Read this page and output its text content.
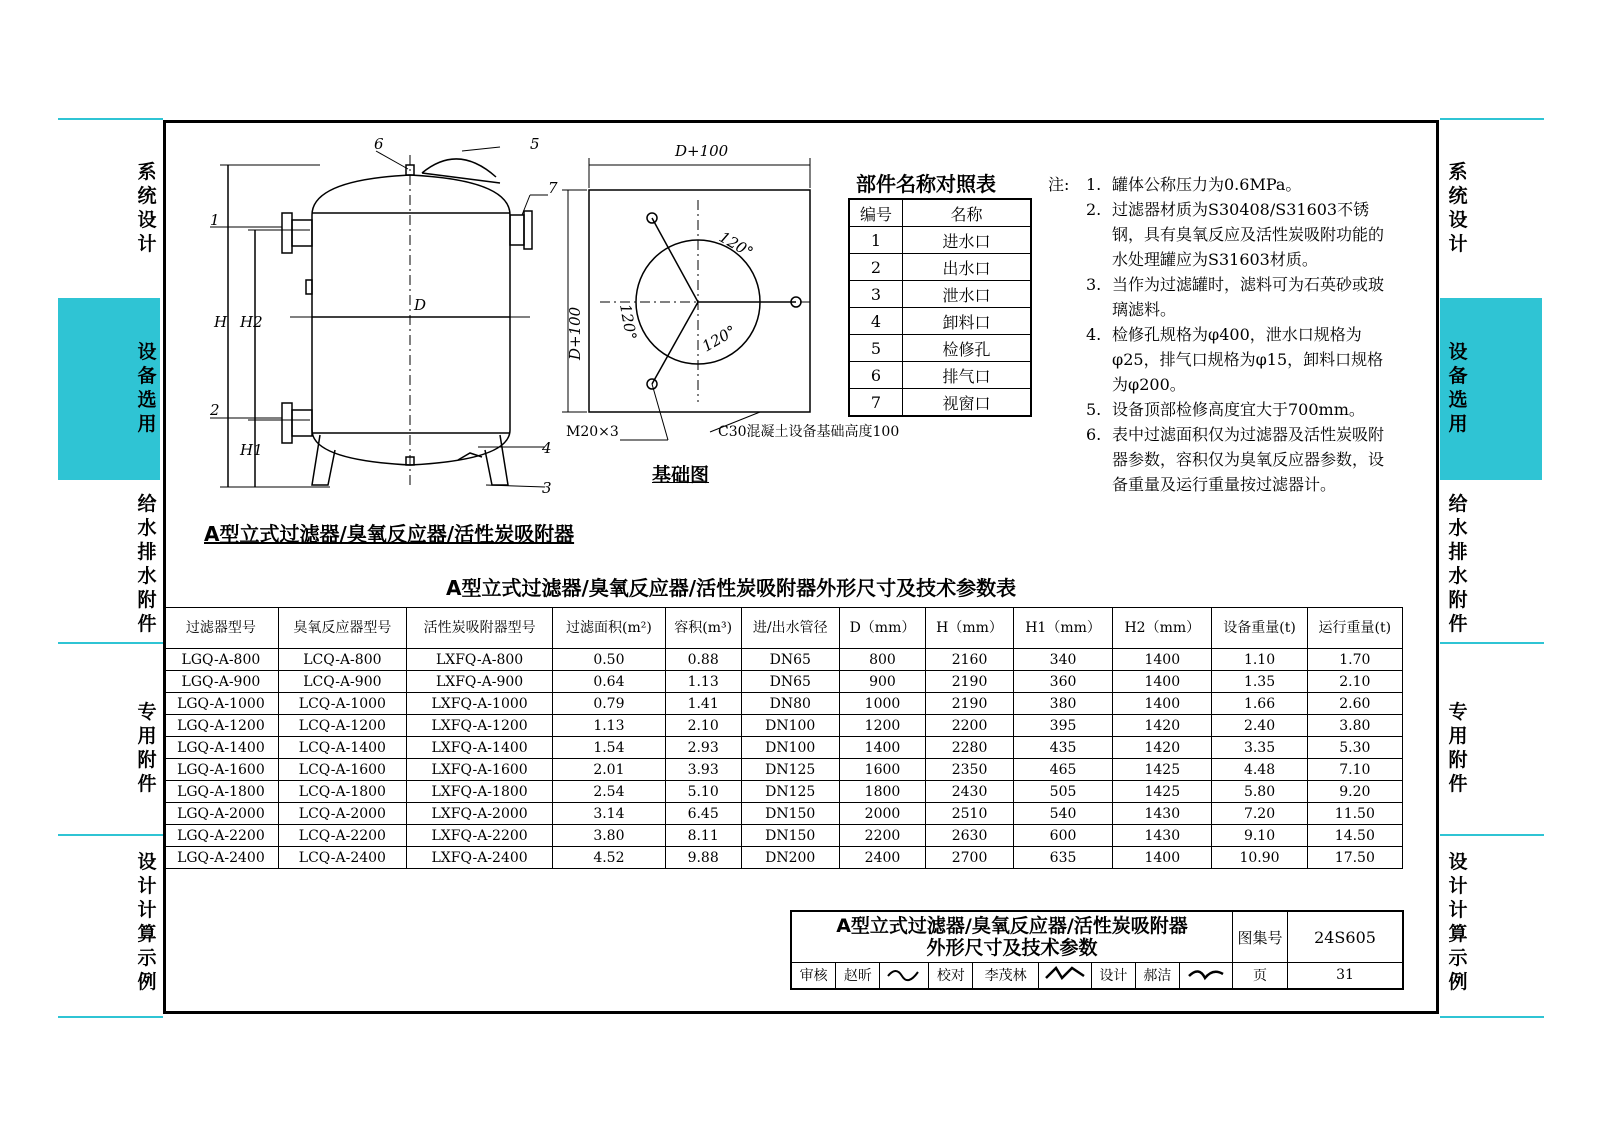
系统设计
设备选用
给水排水附件
专用附件
设计计算示例
系统设计
设备选用
给水排水附件
专用附件
设计计算示例
1
2
3
4
5
6
7
H H2
H1
D
D+100
D+100
120°
120°	120°
M20×3	C30混凝土设备基础高度100
基础图
A型立式过滤器/臭氧反应器/活性炭吸附器
部件名称对照表
编号	名称
1	进水口
2	出水口
3	泄水口
4	卸料口
5	检修孔
6	排气口
7	视窗口
注: 1. 罐体公称压力为0.6MPa。
2. 过滤器材质为S30408/S31603不锈钢，具有臭氧反应及活性炭吸附功能的水处理罐应为S31603材质。
3. 当作为过滤罐时，滤料可为石英砂或玻璃滤料。
4. 检修孔规格为φ400，泄水口规格为φ25，排气口规格为φ15，卸料口规格为φ200。
5. 设备顶部检修高度宜大于700mm。
6. 表中过滤面积仅为过滤器及活性炭吸附器参数，容积仅为臭氧反应器参数，设备重量及运行重量按过滤器计。
A型立式过滤器/臭氧反应器/活性炭吸附器外形尺寸及技术参数表
过滤器型号	臭氧反应器型号	活性炭吸附器型号	过滤面积(m²)	容积(m³)	进/出水管径	D（mm）	H（mm）	H1（mm）	H2（mm）	设备重量(t)	运行重量(t)
LGQ-A-800	LCQ-A-800	LXFQ-A-800	0.50	0.88	DN65	800	2160	340	1400	1.10	1.70
LGQ-A-900	LCQ-A-900	LXFQ-A-900	0.64	1.13	DN65	900	2190	360	1400	1.35	2.10
LGQ-A-1000	LCQ-A-1000	LXFQ-A-1000	0.79	1.41	DN80	1000	2190	380	1400	1.66	2.60
LGQ-A-1200	LCQ-A-1200	LXFQ-A-1200	1.13	2.10	DN100	1200	2200	395	1420	2.40	3.80
LGQ-A-1400	LCQ-A-1400	LXFQ-A-1400	1.54	2.93	DN100	1400	2280	435	1420	3.35	5.30
LGQ-A-1600	LCQ-A-1600	LXFQ-A-1600	2.01	3.93	DN125	1600	2350	465	1425	4.48	7.10
LGQ-A-1800	LCQ-A-1800	LXFQ-A-1800	2.54	5.10	DN125	1800	2430	505	1425	5.80	9.20
LGQ-A-2000	LCQ-A-2000	LXFQ-A-2000	3.14	6.45	DN150	2000	2510	540	1430	7.20	11.50
LGQ-A-2200	LCQ-A-2200	LXFQ-A-2200	3.80	8.11	DN150	2200	2630	600	1430	9.10	14.50
LGQ-A-2400	LCQ-A-2400	LXFQ-A-2400	4.52	9.88	DN200	2400	2700	635	1400	10.90	17.50
A型立式过滤器/臭氧反应器/活性炭吸附器
外形尺寸及技术参数									图集号	24S605
审核	赵昕		校对	李茂林		设计	郝洁		页	31
